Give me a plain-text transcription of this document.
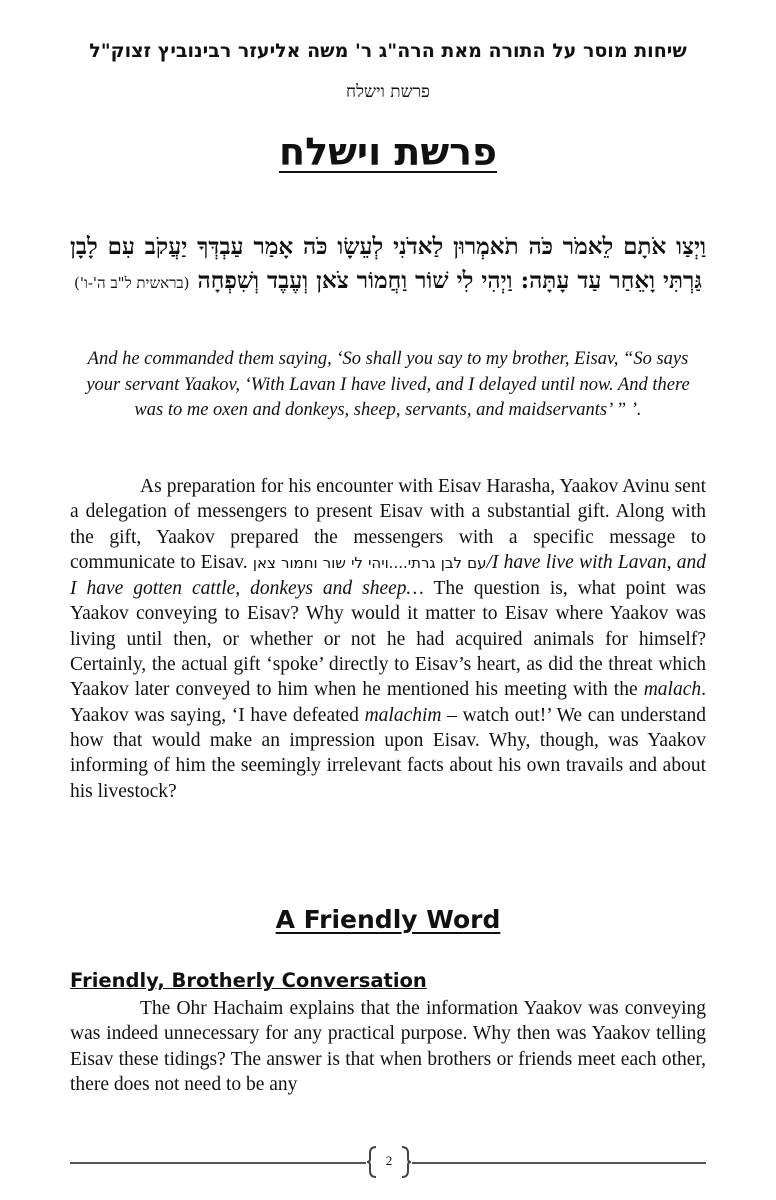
שיחות מוסר על התורה מאת הרה"ג ר' משה אליעזר רבינוביץ זצוק"ל
פרשת וישלח
פרשת וישלח
וַיְצַו אֹתָם לֵאמֹר כֹּה תֹאמְרוּן לַאדֹנִי לְעֵשָׂו כֹּה אָמַר עַבְדְּךָ יַעֲקֹב עִם לָבָן גַּרְתִּי וָאֵחַר עַד עָתָּה: וַיְהִי לִי שׁוֹר וַחֲמוֹר צֹאן וְעֶבֶד וְשִׁפְחָה (בראשית ל"ב ה'-ו')
And he commanded them saying, ‘So shall you say to my brother, Eisav, “So says your servant Yaakov, ‘With Lavan I have lived, and I delayed until now. And there was to me oxen and donkeys, sheep, servants, and maidservants’ ” ’.
As preparation for his encounter with Eisav Harasha, Yaakov Avinu sent a delegation of messengers to present Eisav with a substantial gift. Along with the gift, Yaakov prepared the messengers with a specific message to communicate to Eisav. עם לבן גרתי....ויהי לי שור וחמור צאן/I have live with Lavan, and I have gotten cattle, donkeys and sheep… The question is, what point was Yaakov conveying to Eisav? Why would it matter to Eisav where Yaakov was living until then, or whether or not he had acquired animals for himself? Certainly, the actual gift ‘spoke’ directly to Eisav’s heart, as did the threat which Yaakov later conveyed to him when he mentioned his meeting with the malach. Yaakov was saying, ‘I have defeated malachim – watch out!’ We can understand how that would make an impression upon Eisav. Why, though, was Yaakov informing of him the seemingly irrelevant facts about his own travails and about his livestock?
A Friendly Word
Friendly, Brotherly Conversation
The Ohr Hachaim explains that the information Yaakov was conveying was indeed unnecessary for any practical purpose. Why then was Yaakov telling Eisav these tidings? The answer is that when brothers or friends meet each other, there does not need to be any
2
